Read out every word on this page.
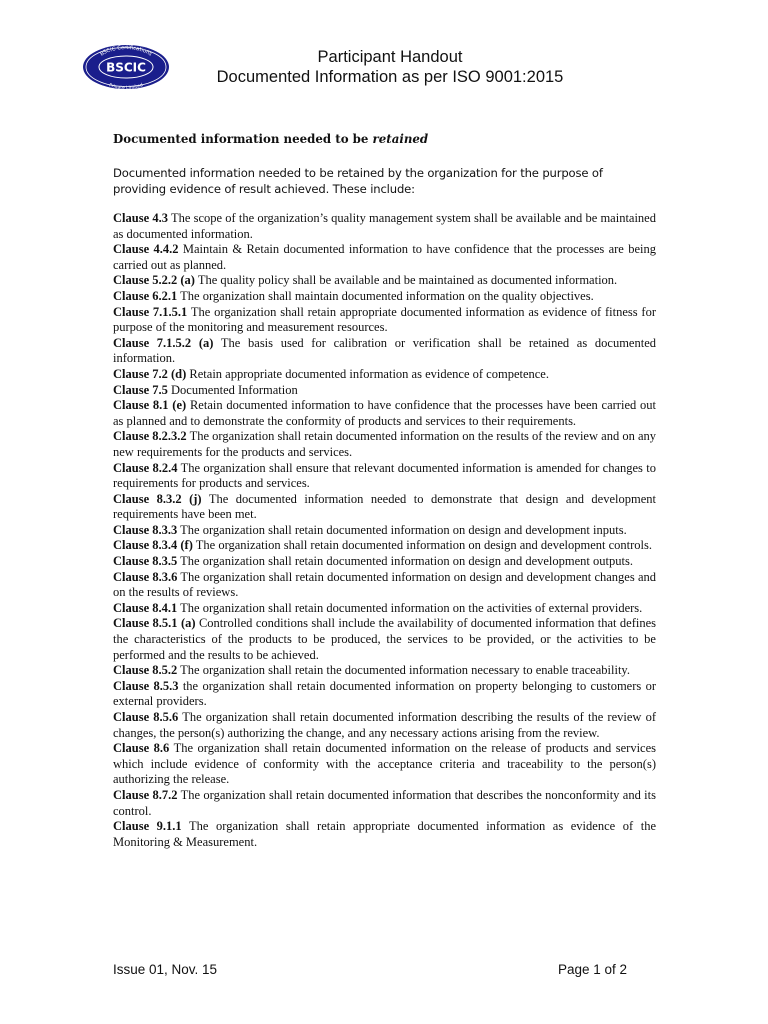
BSCIC Certifications
BSCIC
Private Limited
Participant Handout
Documented Information as per ISO 9001:2015
Documented information needed to be retained
Documented information needed to be retained by the organization for the purpose of providing evidence of result achieved. These include:

Clause 4.3 The scope of the organization’s quality management system shall be available and be maintained as documented information.

Clause 4.4.2 Maintain & Retain documented information to have confidence that the processes are being carried out as planned.

Clause 5.2.2 (a) The quality policy shall be available and be maintained as documented information.

Clause 6.2.1 The organization shall maintain documented information on the quality objectives.

Clause 7.1.5.1 The organization shall retain appropriate documented information as evidence of fitness for purpose of the monitoring and measurement resources.

Clause 7.1.5.2 (a) The basis used for calibration or verification shall be retained as documented information.

Clause 7.2 (d) Retain appropriate documented information as evidence of competence.

Clause 7.5 Documented Information

Clause 8.1 (e) Retain documented information to have confidence that the processes have been carried out as planned and to demonstrate the conformity of products and services to their requirements.

Clause 8.2.3.2 The organization shall retain documented information on the results of the review and on any new requirements for the products and services.

Clause 8.2.4 The organization shall ensure that relevant documented information is amended for changes to requirements for products and services.

Clause 8.3.2 (j) The documented information needed to demonstrate that design and development requirements have been met.

Clause 8.3.3 The organization shall retain documented information on design and development inputs.

Clause 8.3.4 (f) The organization shall retain documented information on design and development controls.

Clause 8.3.5 The organization shall retain documented information on design and development outputs.

Clause 8.3.6 The organization shall retain documented information on design and development changes and on the results of reviews.

Clause 8.4.1 The organization shall retain documented information on the activities of external providers.

Clause 8.5.1 (a) Controlled conditions shall include the availability of documented information that defines the characteristics of the products to be produced, the services to be provided, or the activities to be performed and the results to be achieved.

Clause 8.5.2 The organization shall retain the documented information necessary to enable traceability.

Clause 8.5.3 the organization shall retain documented information on property belonging to customers or external providers.

Clause 8.5.6 The organization shall retain documented information describing the results of the review of changes, the person(s) authorizing the change, and any necessary actions arising from the review.

Clause 8.6 The organization shall retain documented information on the release of products and services which include evidence of conformity with the acceptance criteria and traceability to the person(s) authorizing the release.

Clause 8.7.2 The organization shall retain documented information that describes the nonconformity and its control.

Clause 9.1.1 The organization shall retain appropriate documented information as evidence of the Monitoring & Measurement.

Issue 01, Nov. 15	Page 1 of 2
